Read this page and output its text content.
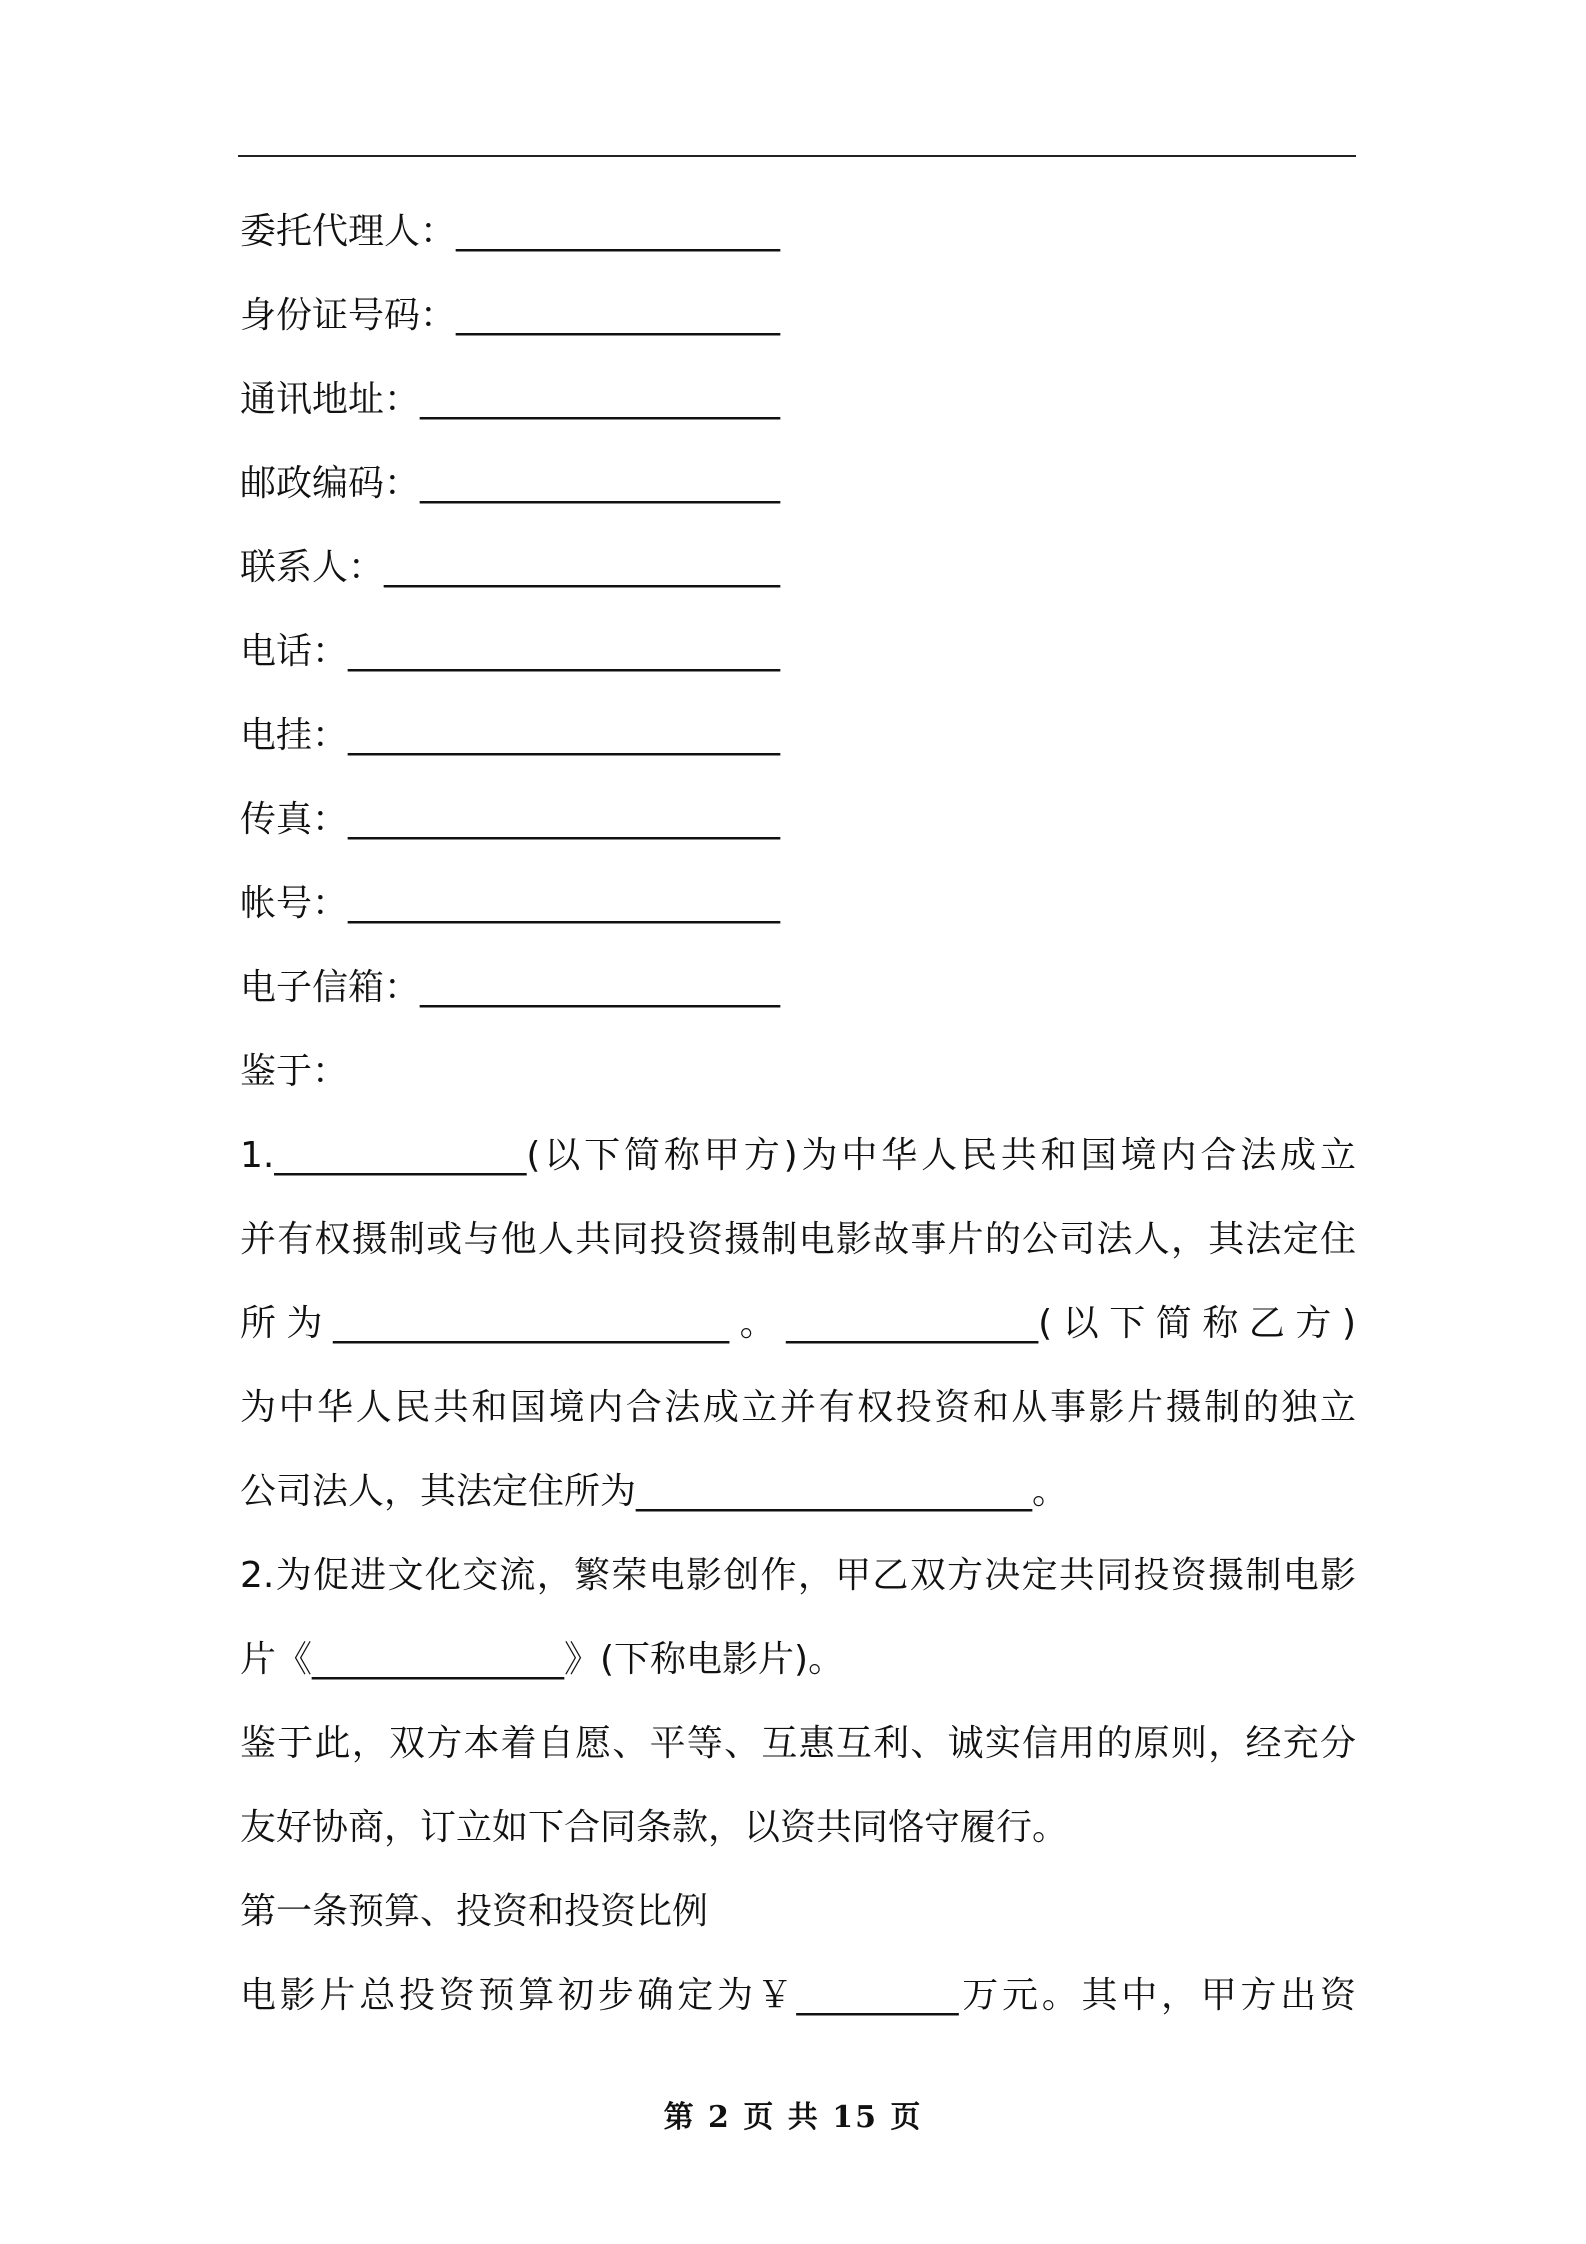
委托代理人：__________________
身份证号码：__________________
通讯地址：____________________
邮政编码：____________________
联系人：______________________
电话：________________________
电挂：________________________
传真：________________________
帐号：________________________
电子信箱：____________________
鉴于：
1.______________(以下简称甲方)为中华人民共和国境内合法成立
并有权摄制或与他人共同投资摄制电影故事片的公司法人，其法定住
所为______________________。______________(以下简称乙方)
为中华人民共和国境内合法成立并有权投资和从事影片摄制的独立
公司法人，其法定住所为______________________。
2.为促进文化交流，繁荣电影创作，甲乙双方决定共同投资摄制电影
片《______________》(下称电影片)。
鉴于此，双方本着自愿、平等、互惠互利、诚实信用的原则，经充分
友好协商，订立如下合同条款，以资共同恪守履行。
第一条预算、投资和投资比例
电影片总投资预算初步确定为￥_________万元。其中，甲方出资
第 2 页 共 15 页
